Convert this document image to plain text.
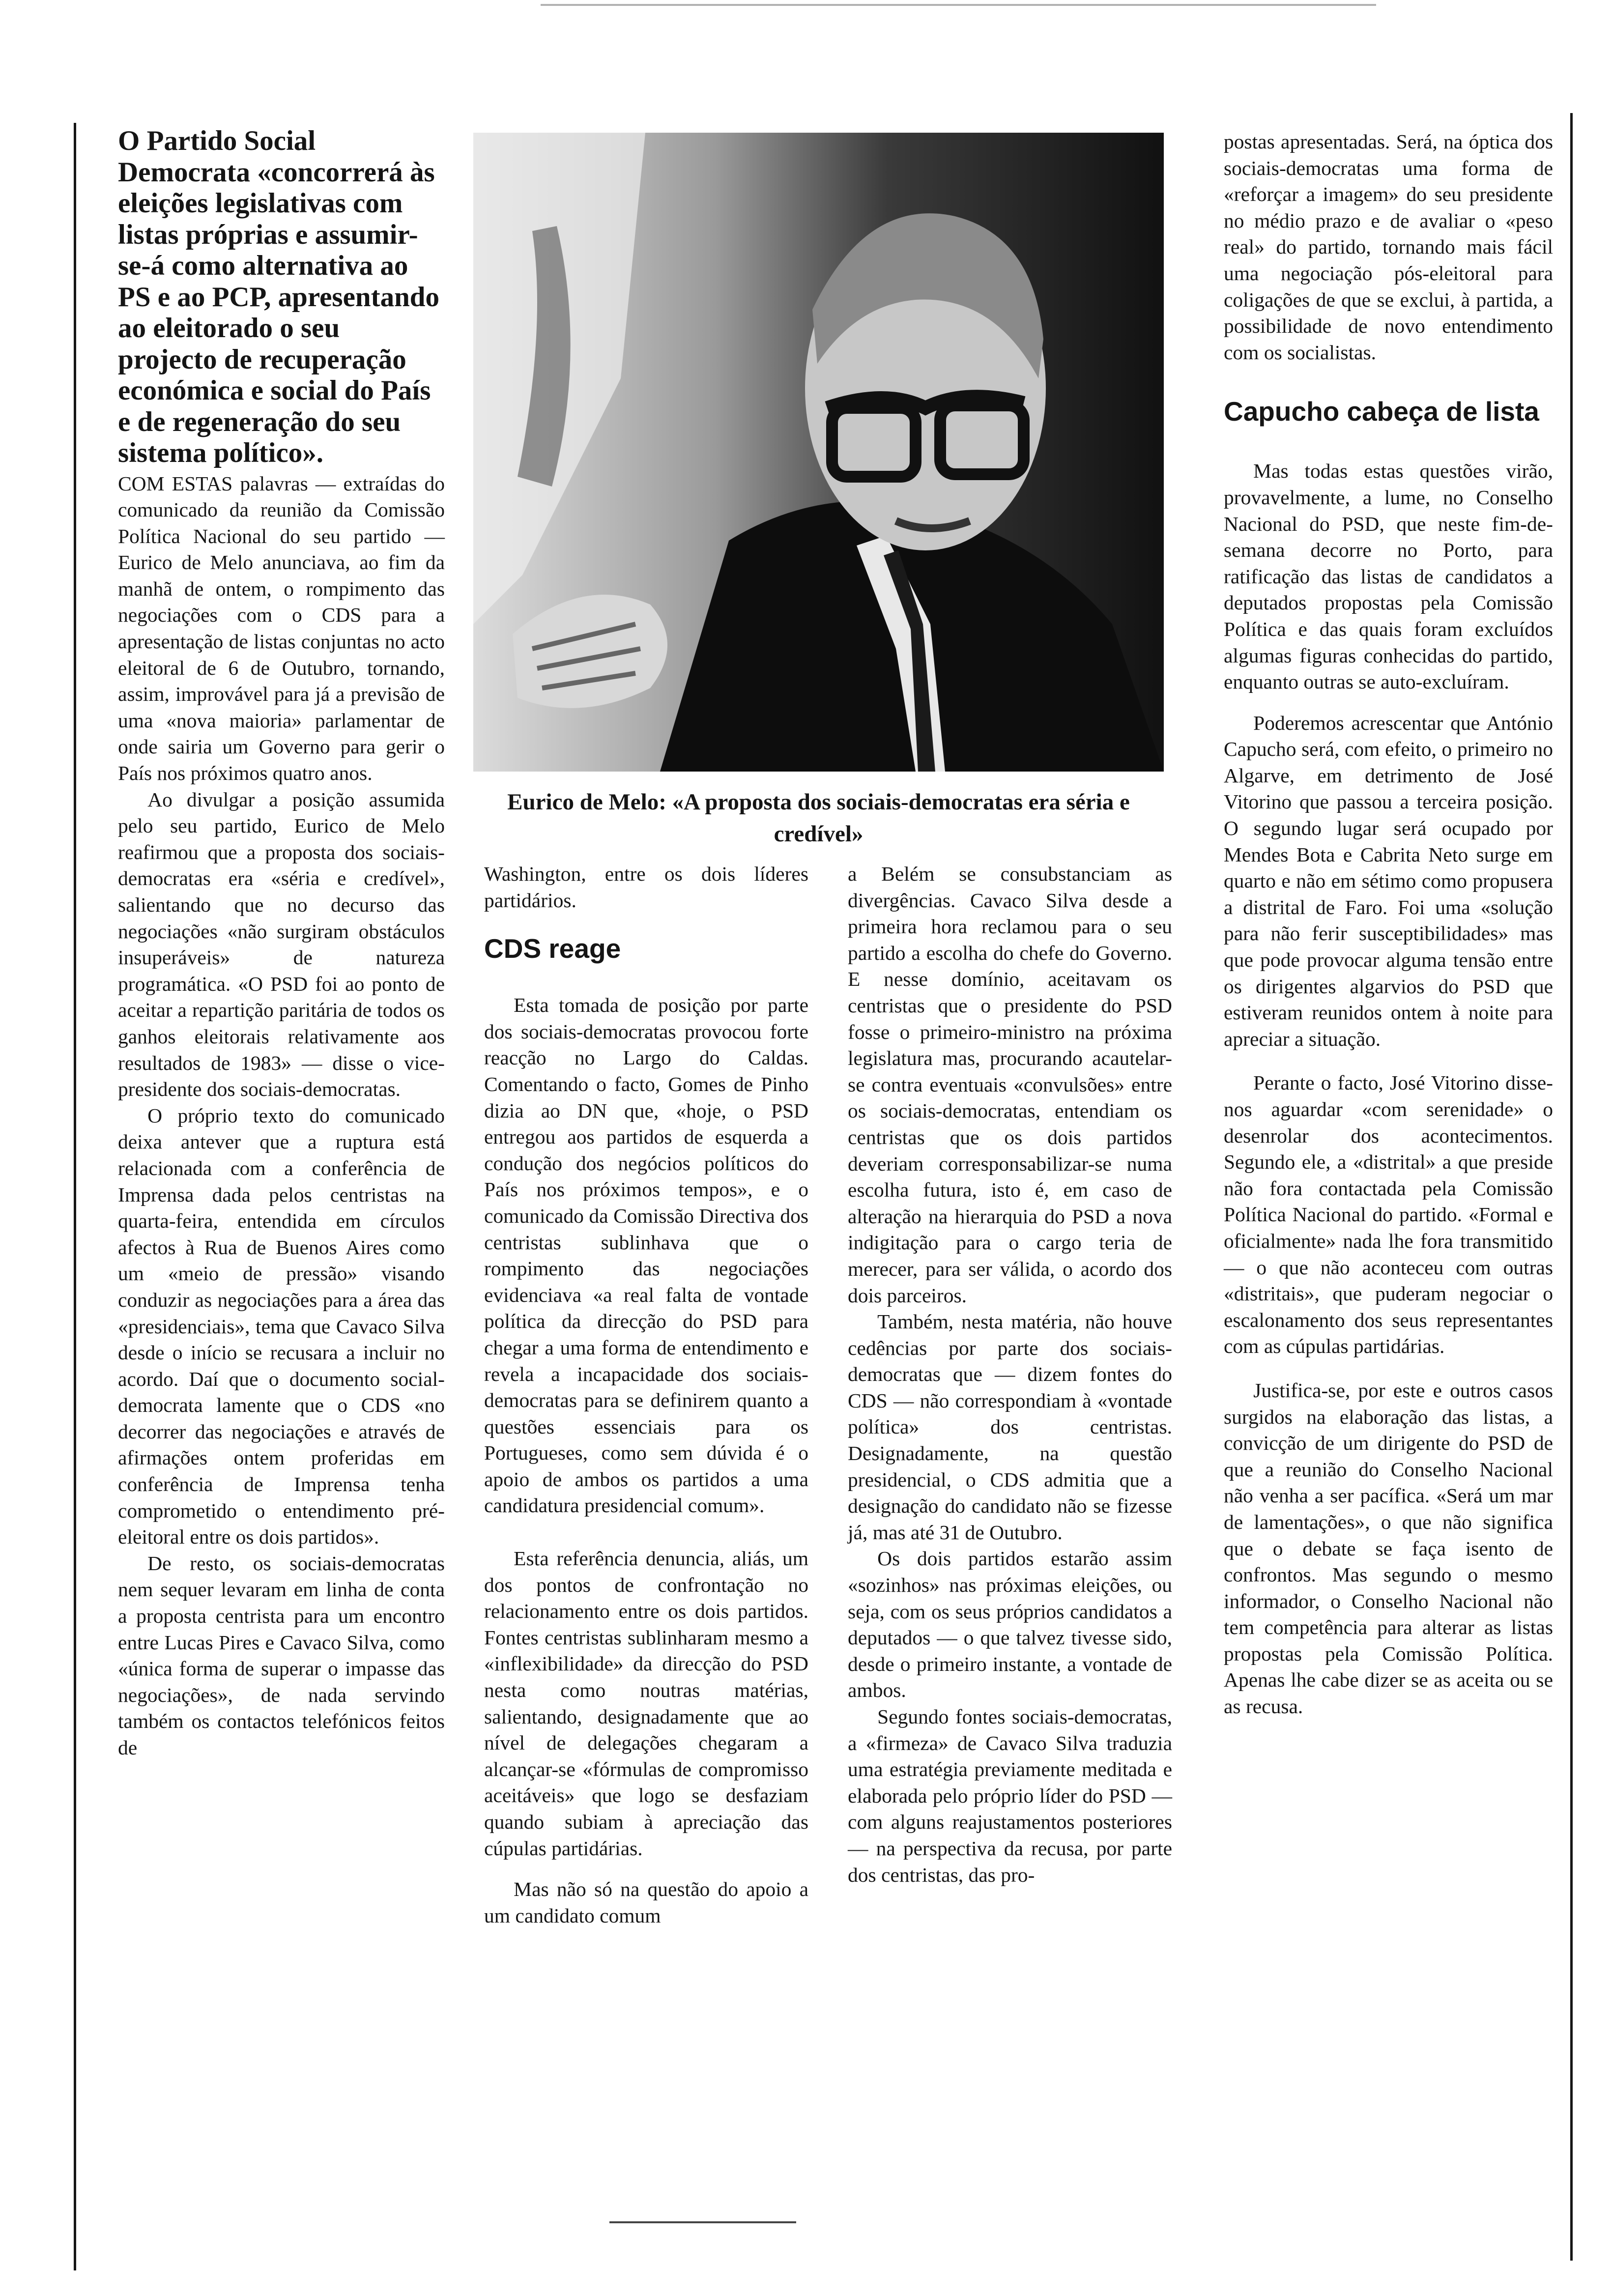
O Partido Social Democrata «concorrerá às eleições legislativas com listas próprias e assumir-se-á como alternativa ao PS e ao PCP, apresentando ao eleitorado o seu projecto de recuperação económica e social do País e de regeneração do seu sistema político».

COM ESTAS palavras — extraídas do comunicado da reunião da Comissão Política Nacional do seu partido — Eurico de Melo anunciava, ao fim da manhã de ontem, o rompimento das negociações com o CDS para a apresentação de listas conjuntas no acto eleitoral de 6 de Outubro, tornando, assim, improvável para já a previsão de uma «nova maioria» parlamentar de onde sairia um Governo para gerir o País nos próximos quatro anos.

Ao divulgar a posição assumida pelo seu partido, Eurico de Melo reafirmou que a proposta dos sociais-democratas era «séria e credível», salientando que no decurso das negociações «não surgiram obstáculos insuperáveis» de natureza programática. «O PSD foi ao ponto de aceitar a repartição paritária de todos os ganhos eleitorais relativamente aos resultados de 1983» — disse o vice-presidente dos sociais-democratas.

O próprio texto do comunicado deixa antever que a ruptura está relacionada com a conferência de Imprensa dada pelos centristas na quarta-feira, entendida em círculos afectos à Rua de Buenos Aires como um «meio de pressão» visando conduzir as negociações para a área das «presidenciais», tema que Cavaco Silva desde o início se recusara a incluir no acordo. Daí que o documento social-democrata lamente que o CDS «no decorrer das negociações e através de afirmações ontem proferidas em conferência de Imprensa tenha comprometido o entendimento pré-eleitoral entre os dois partidos».

De resto, os sociais-democratas nem sequer levaram em linha de conta a proposta centrista para um encontro entre Lucas Pires e Cavaco Silva, como «única forma de superar o impasse das negociações», de nada servindo também os contactos telefónicos feitos de

Eurico de Melo: «A proposta dos sociais-democratas era séria e credível»

Washington, entre os dois líderes partidários.

CDS reage

Esta tomada de posição por parte dos sociais-democratas provocou forte reacção no Largo do Caldas. Comentando o facto, Gomes de Pinho dizia ao DN que, «hoje, o PSD entregou aos partidos de esquerda a condução dos negócios políticos do País nos próximos tempos», e o comunicado da Comissão Directiva dos centristas sublinhava que o rompimento das negociações evidenciava «a real falta de vontade política da direcção do PSD para chegar a uma forma de entendimento e revela a incapacidade dos sociais-democratas para se definirem quanto a questões essenciais para os Portugueses, como sem dúvida é o apoio de ambos os partidos a uma candidatura presidencial comum».

Esta referência denuncia, aliás, um dos pontos de confrontação no relacionamento entre os dois partidos. Fontes centristas sublinharam mesmo a «inflexibilidade» da direcção do PSD nesta como noutras matérias, salientando, designadamente que ao nível de delegações chegaram a alcançar-se «fórmulas de compromisso aceitáveis» que logo se desfaziam quando subiam à apreciação das cúpulas partidárias.

Mas não só na questão do apoio a um candidato comum

a Belém se consubstanciam as divergências. Cavaco Silva desde a primeira hora reclamou para o seu partido a escolha do chefe do Governo. E nesse domínio, aceitavam os centristas que o presidente do PSD fosse o primeiro-ministro na próxima legislatura mas, procurando acautelar-se contra eventuais «convulsões» entre os sociais-democratas, entendiam os centristas que os dois partidos deveriam corresponsabilizar-se numa escolha futura, isto é, em caso de alteração na hierarquia do PSD a nova indigitação para o cargo teria de merecer, para ser válida, o acordo dos dois parceiros.

Também, nesta matéria, não houve cedências por parte dos sociais-democratas que — dizem fontes do CDS — não correspondiam à «vontade política» dos centristas. Designadamente, na questão presidencial, o CDS admitia que a designação do candidato não se fizesse já, mas até 31 de Outubro.

Os dois partidos estarão assim «sozinhos» nas próximas eleições, ou seja, com os seus próprios candidatos a deputados — o que talvez tivesse sido, desde o primeiro instante, a vontade de ambos.

Segundo fontes sociais-democratas, a «firmeza» de Cavaco Silva traduzia uma estratégia previamente meditada e elaborada pelo próprio líder do PSD — com alguns reajustamentos posteriores — na perspectiva da recusa, por parte dos centristas, das pro-

postas apresentadas. Será, na óptica dos sociais-democratas uma forma de «reforçar a imagem» do seu presidente no médio prazo e de avaliar o «peso real» do partido, tornando mais fácil uma negociação pós-eleitoral para coligações de que se exclui, à partida, a possibilidade de novo entendimento com os socialistas.

Capucho cabeça de lista

Mas todas estas questões virão, provavelmente, a lume, no Conselho Nacional do PSD, que neste fim-de-semana decorre no Porto, para ratificação das listas de candidatos a deputados propostas pela Comissão Política e das quais foram excluídos algumas figuras conhecidas do partido, enquanto outras se auto-excluíram.

Poderemos acrescentar que António Capucho será, com efeito, o primeiro no Algarve, em detrimento de José Vitorino que passou a terceira posição. O segundo lugar será ocupado por Mendes Bota e Cabrita Neto surge em quarto e não em sétimo como propusera a distrital de Faro. Foi uma «solução para não ferir susceptibilidades» mas que pode provocar alguma tensão entre os dirigentes algarvios do PSD que estiveram reunidos ontem à noite para apreciar a situação.

Perante o facto, José Vitorino disse-nos aguardar «com serenidade» o desenrolar dos acontecimentos. Segundo ele, a «distrital» a que preside não fora contactada pela Comissão Política Nacional do partido. «Formal e oficialmente» nada lhe fora transmitido — o que não aconteceu com outras «distritais», que puderam negociar o escalonamento dos seus representantes com as cúpulas partidárias.

Justifica-se, por este e outros casos surgidos na elaboração das listas, a convicção de um dirigente do PSD de que a reunião do Conselho Nacional não venha a ser pacífica. «Será um mar de lamentações», o que não significa que o debate se faça isento de confrontos. Mas segundo o mesmo informador, o Conselho Nacional não tem competência para alterar as listas propostas pela Comissão Política. Apenas lhe cabe dizer se as aceita ou se as recusa.
